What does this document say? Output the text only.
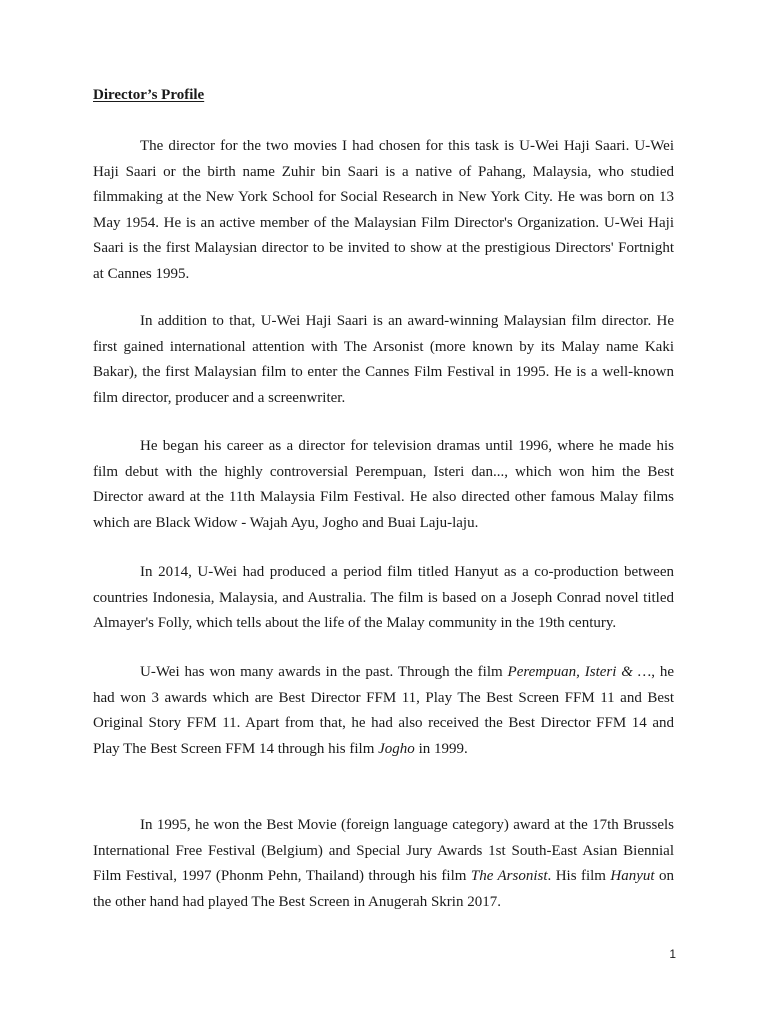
Director’s Profile

The director for the two movies I had chosen for this task is U-Wei Haji Saari. U-Wei Haji Saari or the birth name Zuhir bin Saari is a native of Pahang, Malaysia, who studied filmmaking at the New York School for Social Research in New York City. He was born on 13 May 1954. He is an active member of the Malaysian Film Director's Organization. U-Wei Haji Saari is the first Malaysian director to be invited to show at the prestigious Directors' Fortnight at Cannes 1995.

In addition to that, U-Wei Haji Saari is an award-winning Malaysian film director. He first gained international attention with The Arsonist (more known by its Malay name Kaki Bakar), the first Malaysian film to enter the Cannes Film Festival in 1995. He is a well-known film director, producer and a screenwriter.

He began his career as a director for television dramas until 1996, where he made his film debut with the highly controversial Perempuan, Isteri dan..., which won him the Best Director award at the 11th Malaysia Film Festival. He also directed other famous Malay films which are Black Widow - Wajah Ayu, Jogho and Buai Laju-laju.

In 2014, U-Wei had produced a period film titled Hanyut as a co-production between countries Indonesia, Malaysia, and Australia. The film is based on a Joseph Conrad novel titled Almayer's Folly, which tells about the life of the Malay community in the 19th century.

U-Wei has won many awards in the past. Through the film Perempuan, Isteri & …, he had won 3 awards which are Best Director FFM 11, Play The Best Screen FFM 11 and Best Original Story FFM 11. Apart from that, he had also received the Best Director FFM 14 and Play The Best Screen FFM 14 through his film Jogho in 1999.

In 1995, he won the Best Movie (foreign language category) award at the 17th Brussels International Free Festival (Belgium) and Special Jury Awards 1st South-East Asian Biennial Film Festival, 1997 (Phonm Pehn, Thailand) through his film The Arsonist. His film Hanyut on the other hand had played The Best Screen in Anugerah Skrin 2017.

1
